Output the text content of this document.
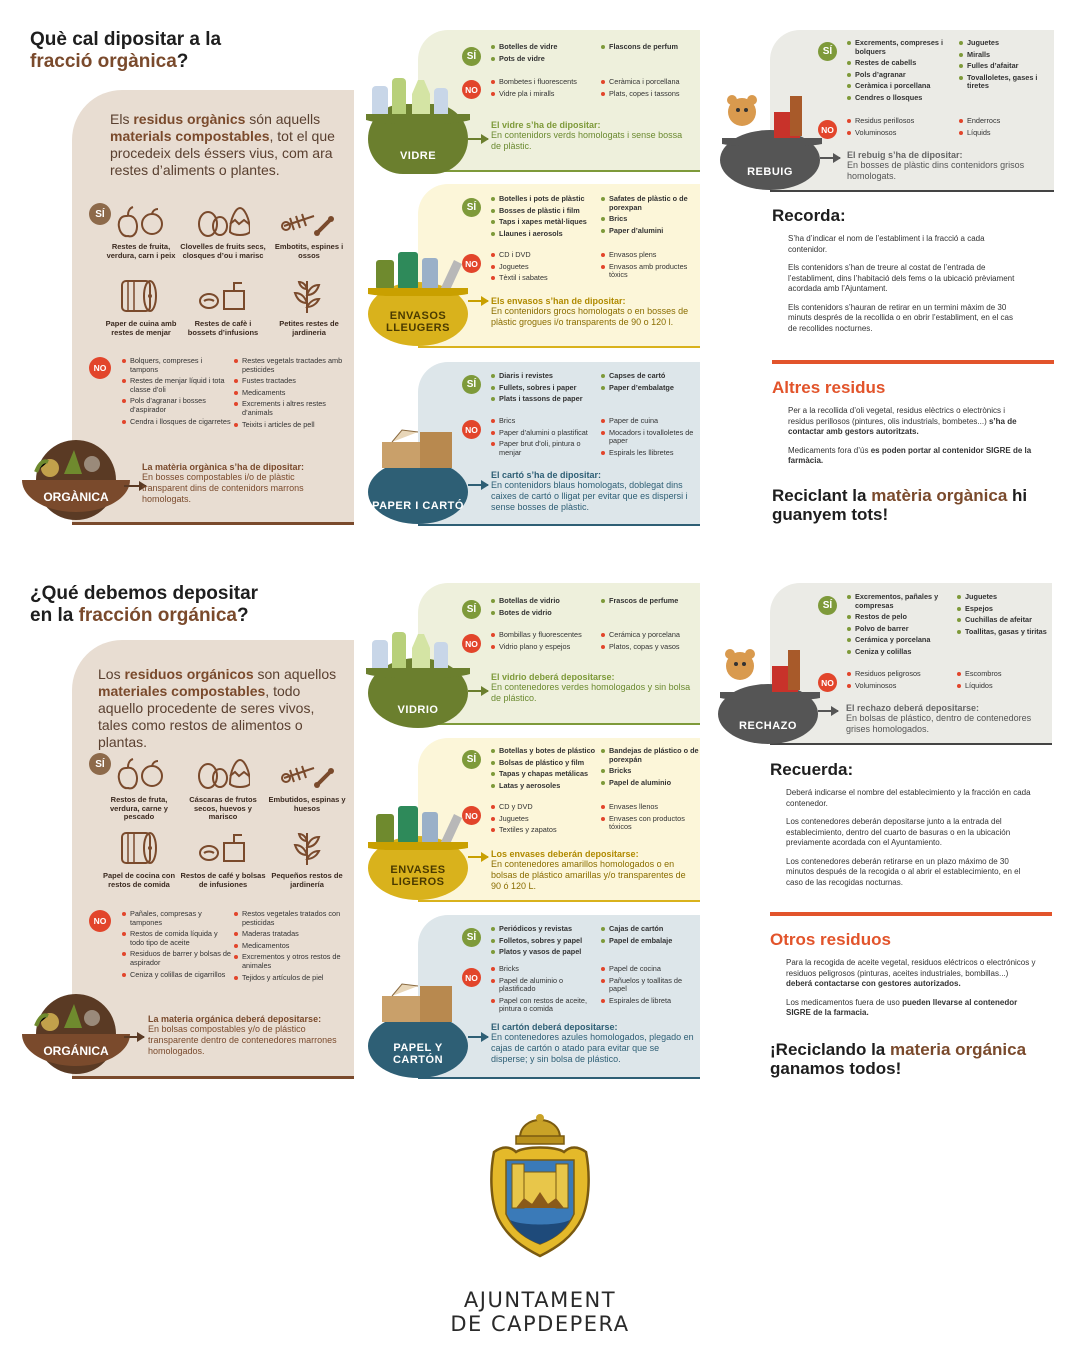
Què cal dipositar a la
fracció orgànica?
Els residus orgànics són aquells materials compostables, tot el que procedeix dels éssers vius, com ara restes d’aliments o plantes.
SÍ
Restes de fruita, verdura, carn i peix
Clovelles de fruits secs, closques d’ou i marisc
Embotits, espines i ossos
Paper de cuina amb restes de menjar
Restes de cafè i bossets d’infusions
Petites restes de jardineria
NO
Bolquers, compreses i tampons
Restes de menjar líquid i tota classe d’oli
Pols d’agranar i bosses d’aspirador
Cendra i llosques de cigarretes
Restes vegetals tractades amb pesticides
Fustes tractades
Medicaments
Excrements i altres restes d’animals
Teixits i articles de pell
ORGÀNICA
La matèria orgànica s’ha de dipositar:
En bosses compostables i/o de plàstic transparent dins de contenidors marrons homologats.
SÍ
Botelles de vidre
Pots de vidre
Flascons de perfum
NO
Bombetes i fluorescents
Vidre pla i miralls
Ceràmica i porcellana
Plats, copes i tassons
VIDRE
El vidre s’ha de dipositar:
En contenidors verds homologats i sense bossa de plàstic.
SÍ
Botelles i pots de plàstic
Bosses de plàstic i film
Taps i xapes metàl·liques
Llaunes i aerosols
Safates de plàstic o de porexpan
Brics
Paper d’alumini
NO
CD i DVD
Joguetes
Tèxtil i sabates
Envasos plens
Envasos amb productes tòxics
ENVASOS LLEUGERS
Els envasos s’han de dipositar:
En contenidors grocs homologats o en bosses de plàstic grogues i/o transparents de 90 o 120 l.
SÍ
Diaris i revistes
Fullets, sobres i paper
Plats i tassons de paper
Capses de cartó
Paper d’embalatge
NO
Brics
Paper d’alumini o plastificat
Paper brut d’oli, pintura o menjar
Paper de cuina
Mocadors i tovalloletes de paper
Espirals les llibretes
PAPER I CARTÓ
El cartó s’ha de dipositar:
En contenidors blaus homologats, doblegat dins caixes de cartó o lligat per evitar que es dispersi i sense bosses de plàstic.
SÍ
Excrements, compreses i bolquers
Restes de cabells
Pols d’agranar
Ceràmica i porcellana
Cendres o llosques
Juguetes
Miralls
Fulles d’afaitar
Tovalloletes, gases i tiretes
NO
Residus perillosos
Voluminosos
Enderrocs
Líquids
REBUIG
El rebuig s’ha de dipositar:
En bosses de plàstic dins contenidors grisos homologats.
Recorda:

S’ha d’indicar el nom de l’establiment i la fracció a cada contenidor.

Els contenidors s’han de treure al costat de l’entrada de l’establiment, dins l’habitació dels fems o la ubicació prèviament acordada amb l’Ajuntament.

Els contenidors s’hauran de retirar en un termini màxim de 30 minuts després de la recollida o en obrir l’establiment, en el cas de recollides nocturnes.

Altres residus

Per a la recollida d’oli vegetal, residus elèctrics o electrònics i residus perillosos (pintures, olis industrials, bombetes...) s’ha de contactar amb gestors autoritzats.

Medicaments fora d’ús es poden portar al contenidor SIGRE de la farmàcia.

Reciclant la matèria orgànica hi guanyem tots!
¿Qué debemos depositar
en la fracción orgánica?
Los residuos orgánicos son aquellos materiales compostables, todo aquello procedente de seres vivos, tales como restos de alimentos o plantas.
SÍ
Restos de fruta, verdura, carne y pescado
Cáscaras de frutos secos, huevos y marisco
Embutidos, espinas y huesos
Papel de cocina con restos de comida
Restos de café y bolsas de infusiones
Pequeños restos de jardinería
NO
Pañales, compresas y tampones
Restos de comida líquida y todo tipo de aceite
Residuos de barrer y bolsas de aspirador
Ceniza y colillas de cigarrillos
Restos vegetales tratados con pesticidas
Maderas tratadas
Medicamentos
Excrementos y otros restos de animales
Tejidos y artículos de piel
ORGÁNICA
La materia orgánica deberá depositarse:
En bolsas compostables y/o de plástico transparente dentro de contenedores marrones homologados.
SÍ
Botellas de vidrio
Botes de vidrio
Frascos de perfume
NO
Bombillas y fluorescentes
Vidrio plano y espejos
Cerámica y porcelana
Platos, copas y vasos
VIDRIO
El vidrio deberá depositarse:
En contenedores verdes homologados y sin bolsa de plástico.
SÍ
Botellas y botes de plástico
Bolsas de plástico y film
Tapas y chapas metálicas
Latas y aerosoles
Bandejas de plástico o de porexpán
Bricks
Papel de aluminio
NO
CD y DVD
Juguetes
Textiles y zapatos
Envases llenos
Envases con productos tóxicos
ENVASES LIGEROS
Los envases deberán depositarse:
En contenedores amarillos homologados o en bolsas de plástico amarillas y/o transparentes de 90 ó 120 L.
SÍ
Periódicos y revistas
Folletos, sobres y papel
Platos y vasos de papel
Cajas de cartón
Papel de embalaje
NO
Bricks
Papel de aluminio o plastificado
Papel con restos de aceite, pintura o comida
Papel de cocina
Pañuelos y toallitas de papel
Espirales de libreta
PAPEL Y CARTÓN
El cartón deberá depositarse:
En contenedores azules homologados, plegado en cajas de cartón o atado para evitar que se disperse; y sin bolsa de plástico.
SÍ
Excrementos, pañales y compresas
Restos de pelo
Polvo de barrer
Cerámica y porcelana
Ceniza y colillas
Juguetes
Espejos
Cuchillas de afeitar
Toallitas, gasas y tiritas
NO
Residuos peligrosos
Voluminosos
Escombros
Líquidos
RECHAZO
El rechazo deberá depositarse:
En bolsas de plástico, dentro de contenedores grises homologados.
Recuerda:

Deberá indicarse el nombre del establecimiento y la fracción en cada contenedor.

Los contenedores deberán depositarse junto a la entrada del establecimiento, dentro del cuarto de basuras o en la ubicación previamente acordada con el Ayuntamiento.

Los contenedores deberán retirarse en un plazo máximo de 30 minutos después de la recogida o al abrir el establecimiento, en el caso de las recogidas nocturnas.

Otros residuos

Para la recogida de aceite vegetal, residuos eléctricos o electrónicos y residuos peligrosos (pinturas, aceites industriales, bombillas...) deberá contactarse con gestores autorizados.

Los medicamentos fuera de uso pueden llevarse al contenedor SIGRE de la farmacia.

¡Reciclando la materia orgánica ganamos todos!
AJUNTAMENT
DE CAPDEPERA
